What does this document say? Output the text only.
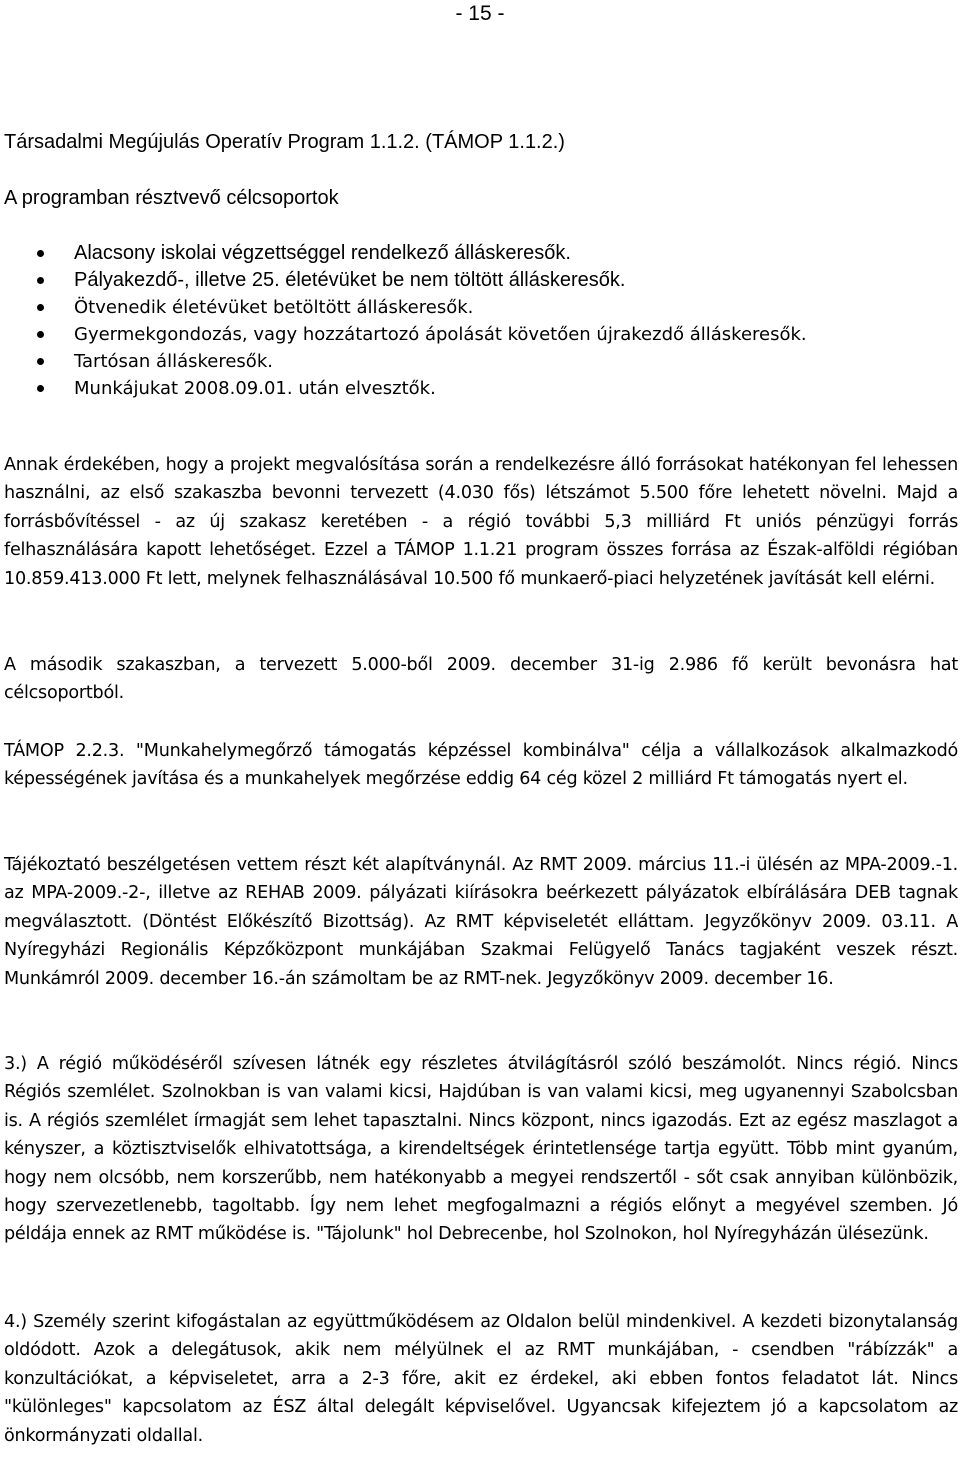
- 15 -
Társadalmi Megújulás Operatív Program 1.1.2. (TÁMOP 1.1.2.)
A programban résztvevő célcsoportok
Alacsony iskolai végzettséggel rendelkező álláskeresők.
Pályakezdő-, illetve 25. életévüket be nem töltött álláskeresők.
Ötvenedik életévüket betöltött álláskeresők.
Gyermekgondozás, vagy hozzátartozó ápolását követően újrakezdő álláskeresők.
Tartósan álláskeresők.
Munkájukat 2008.09.01. után elvesztők.

Annak érdekében, hogy a projekt megvalósítása során a rendelkezésre álló forrásokat hatékonyan fel lehessen használni, az első szakaszba bevonni tervezett (4.030 fős) létszámot 5.500 főre lehetett növelni. Majd a forrásbővítéssel - az új szakasz keretében - a régió további 5,3 milliárd Ft uniós pénzügyi forrás felhasználására kapott lehetőséget. Ezzel a TÁMOP 1.1.21 program összes forrása az Észak-alföldi régióban 10.859.413.000 Ft lett, melynek felhasználásával 10.500 fő munkaerő-piaci helyzetének javítását kell elérni.

A második szakaszban, a tervezett 5.000-ből 2009. december 31-ig 2.986 fő került bevonásra hat célcsoportból.

TÁMOP 2.2.3. "Munkahelymegőrző támogatás képzéssel kombinálva" célja a vállalkozások alkalmazkodó képességének javítása és a munkahelyek megőrzése eddig 64 cég közel 2 milliárd Ft támogatás nyert el.

Tájékoztató beszélgetésen vettem részt két alapítványnál. Az RMT 2009. március 11.-i ülésén az MPA-2009.-1. az MPA-2009.-2-, illetve az REHAB 2009. pályázati kiírásokra beérkezett pályázatok elbírálására DEB tagnak megválasztott. (Döntést Előkészítő Bizottság). Az RMT képviseletét elláttam. Jegyzőkönyv 2009. 03.11. A Nyíregyházi Regionális Képzőközpont munkájában Szakmai Felügyelő Tanács tagjaként veszek részt. Munkámról 2009. december 16.-án számoltam be az RMT-nek. Jegyzőkönyv 2009. december 16.

3.) A régió működéséről szívesen látnék egy részletes átvilágításról szóló beszámolót. Nincs régió. Nincs Régiós szemlélet. Szolnokban is van valami kicsi, Hajdúban is van valami kicsi, meg ugyanennyi Szabolcsban is. A régiós szemlélet írmagját sem lehet tapasztalni. Nincs központ, nincs igazodás. Ezt az egész maszlagot a kényszer, a köztisztviselők elhivatottsága, a kirendeltségek érintetlensége tartja együtt. Több mint gyanúm, hogy nem olcsóbb, nem korszerűbb, nem hatékonyabb a megyei rendszertől - sőt csak annyiban különbözik, hogy szervezetlenebb, tagoltabb. Így nem lehet megfogalmazni a régiós előnyt a megyével szemben. Jó példája ennek az RMT működése is. "Tájolunk" hol Debrecenbe, hol Szolnokon, hol Nyíregyházán ülésezünk.

4.) Személy szerint kifogástalan az együttműködésem az Oldalon belül mindenkivel. A kezdeti bizonytalanság oldódott. Azok a delegátusok, akik nem mélyülnek el az RMT munkájában, - csendben "rábízzák" a konzultációkat, a képviseletet, arra a 2-3 főre, akit ez érdekel, aki ebben fontos feladatot lát. Nincs "különleges" kapcsolatom az ÉSZ által delegált képviselővel. Ugyancsak kifejeztem jó a kapcsolatom az önkormányzati oldallal.
